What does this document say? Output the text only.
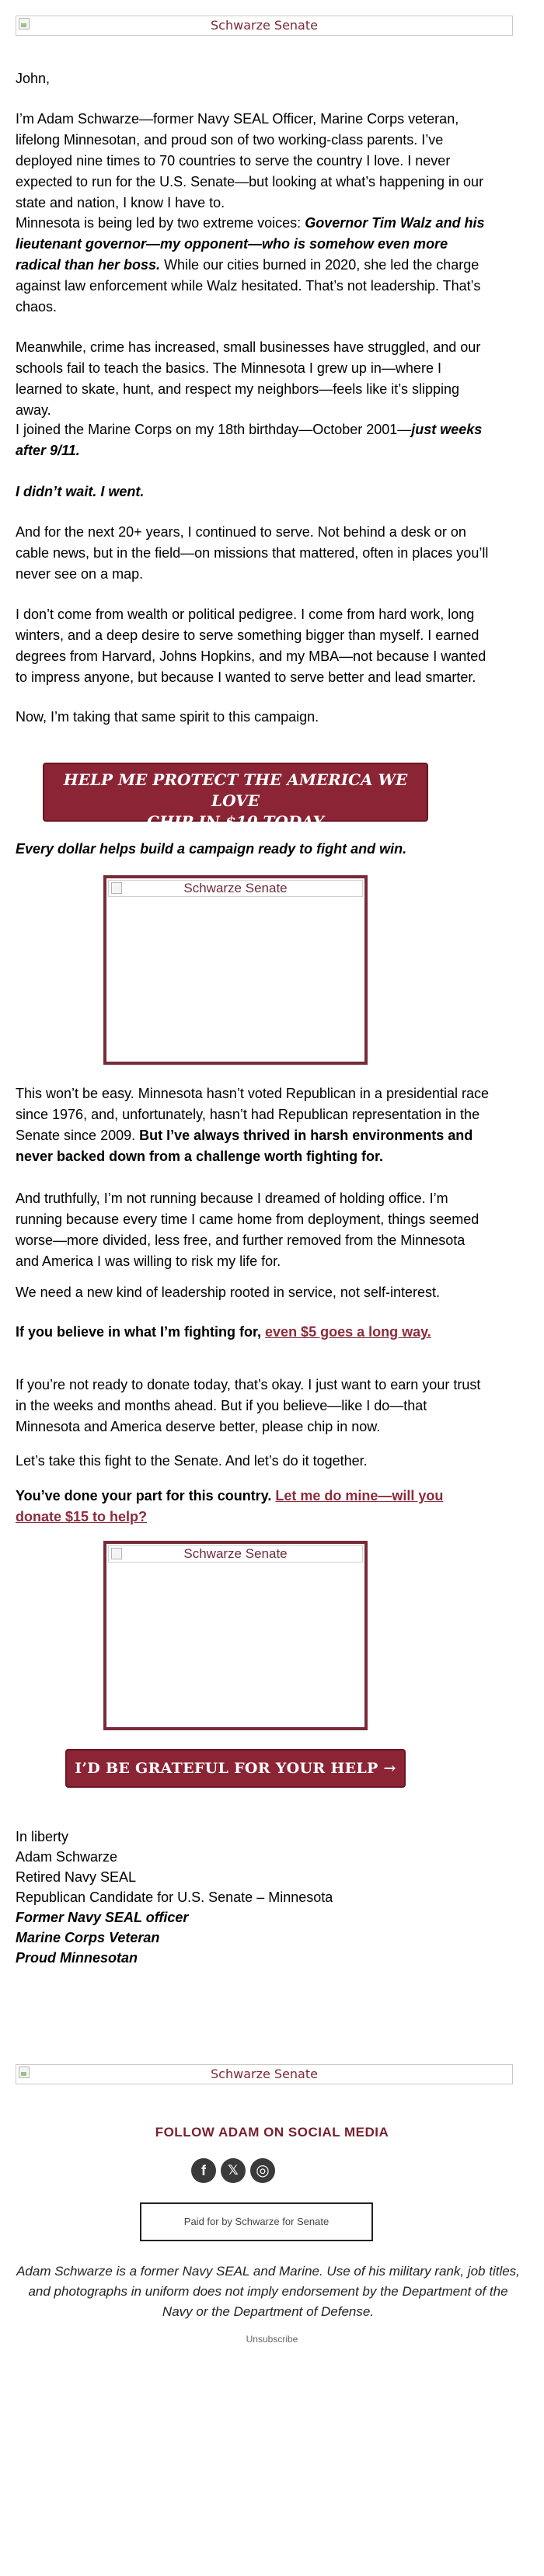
Schwarze Senate

John,

I’m Adam Schwarze—former Navy SEAL Officer, Marine Corps veteran, lifelong Minnesotan, and proud son of two working-class parents. I’ve deployed nine times to 70 countries to serve the country I love. I never expected to run for the U.S. Senate—but looking at what’s happening in our state and nation, I know I have to.

Minnesota is being led by two extreme voices: Governor Tim Walz and his lieutenant governor—my opponent—who is somehow even more radical than her boss. While our cities burned in 2020, she led the charge against law enforcement while Walz hesitated. That’s not leadership. That’s chaos.

Meanwhile, crime has increased, small businesses have struggled, and our schools fail to teach the basics. The Minnesota I grew up in—where I learned to skate, hunt, and respect my neighbors—feels like it’s slipping away.

I joined the Marine Corps on my 18th birthday—October 2001—just weeks after 9/11.

I didn’t wait. I went.

And for the next 20+ years, I continued to serve. Not behind a desk or on cable news, but in the field—on missions that mattered, often in places you’ll never see on a map.

I don’t come from wealth or political pedigree. I come from hard work, long winters, and a deep desire to serve something bigger than myself. I earned degrees from Harvard, Johns Hopkins, and my MBA—not because I wanted to impress anyone, but because I wanted to serve better and lead smarter.

Now, I’m taking that same spirit to this campaign.

HELP ME PROTECT THE AMERICA WE LOVE
CHIP IN $10 TODAY

Every dollar helps build a campaign ready to fight and win.

Schwarze Senate

This won’t be easy. Minnesota hasn’t voted Republican in a presidential race since 1976, and, unfortunately, hasn’t had Republican representation in the Senate since 2009. But I’ve always thrived in harsh environments and never backed down from a challenge worth fighting for.

And truthfully, I’m not running because I dreamed of holding office. I’m running because every time I came home from deployment, things seemed worse—more divided, less free, and further removed from the Minnesota and America I was willing to risk my life for.

We need a new kind of leadership rooted in service, not self-interest.

If you believe in what I’m fighting for, even $5 goes a long way.

If you’re not ready to donate today, that’s okay. I just want to earn your trust in the weeks and months ahead. But if you believe—like I do—that Minnesota and America deserve better, please chip in now.

Let’s take this fight to the Senate. And let’s do it together.

You’ve done your part for this country. Let me do mine—will you donate $15 to help?

Schwarze Senate
I’D BE GRATEFUL FOR YOUR HELP →
In liberty
Adam Schwarze
Retired Navy SEAL
Republican Candidate for U.S. Senate – Minnesota
Former Navy SEAL officer
Marine Corps Veteran
Proud Minnesotan
Schwarze Senate
FOLLOW ADAM ON SOCIAL MEDIA
f	𝕏	◎
Paid for by Schwarze for Senate
Adam Schwarze is a former Navy SEAL and Marine. Use of his military rank, job titles, and photographs in uniform does not imply endorsement by the Department of the Navy or the Department of Defense.
Unsubscribe
